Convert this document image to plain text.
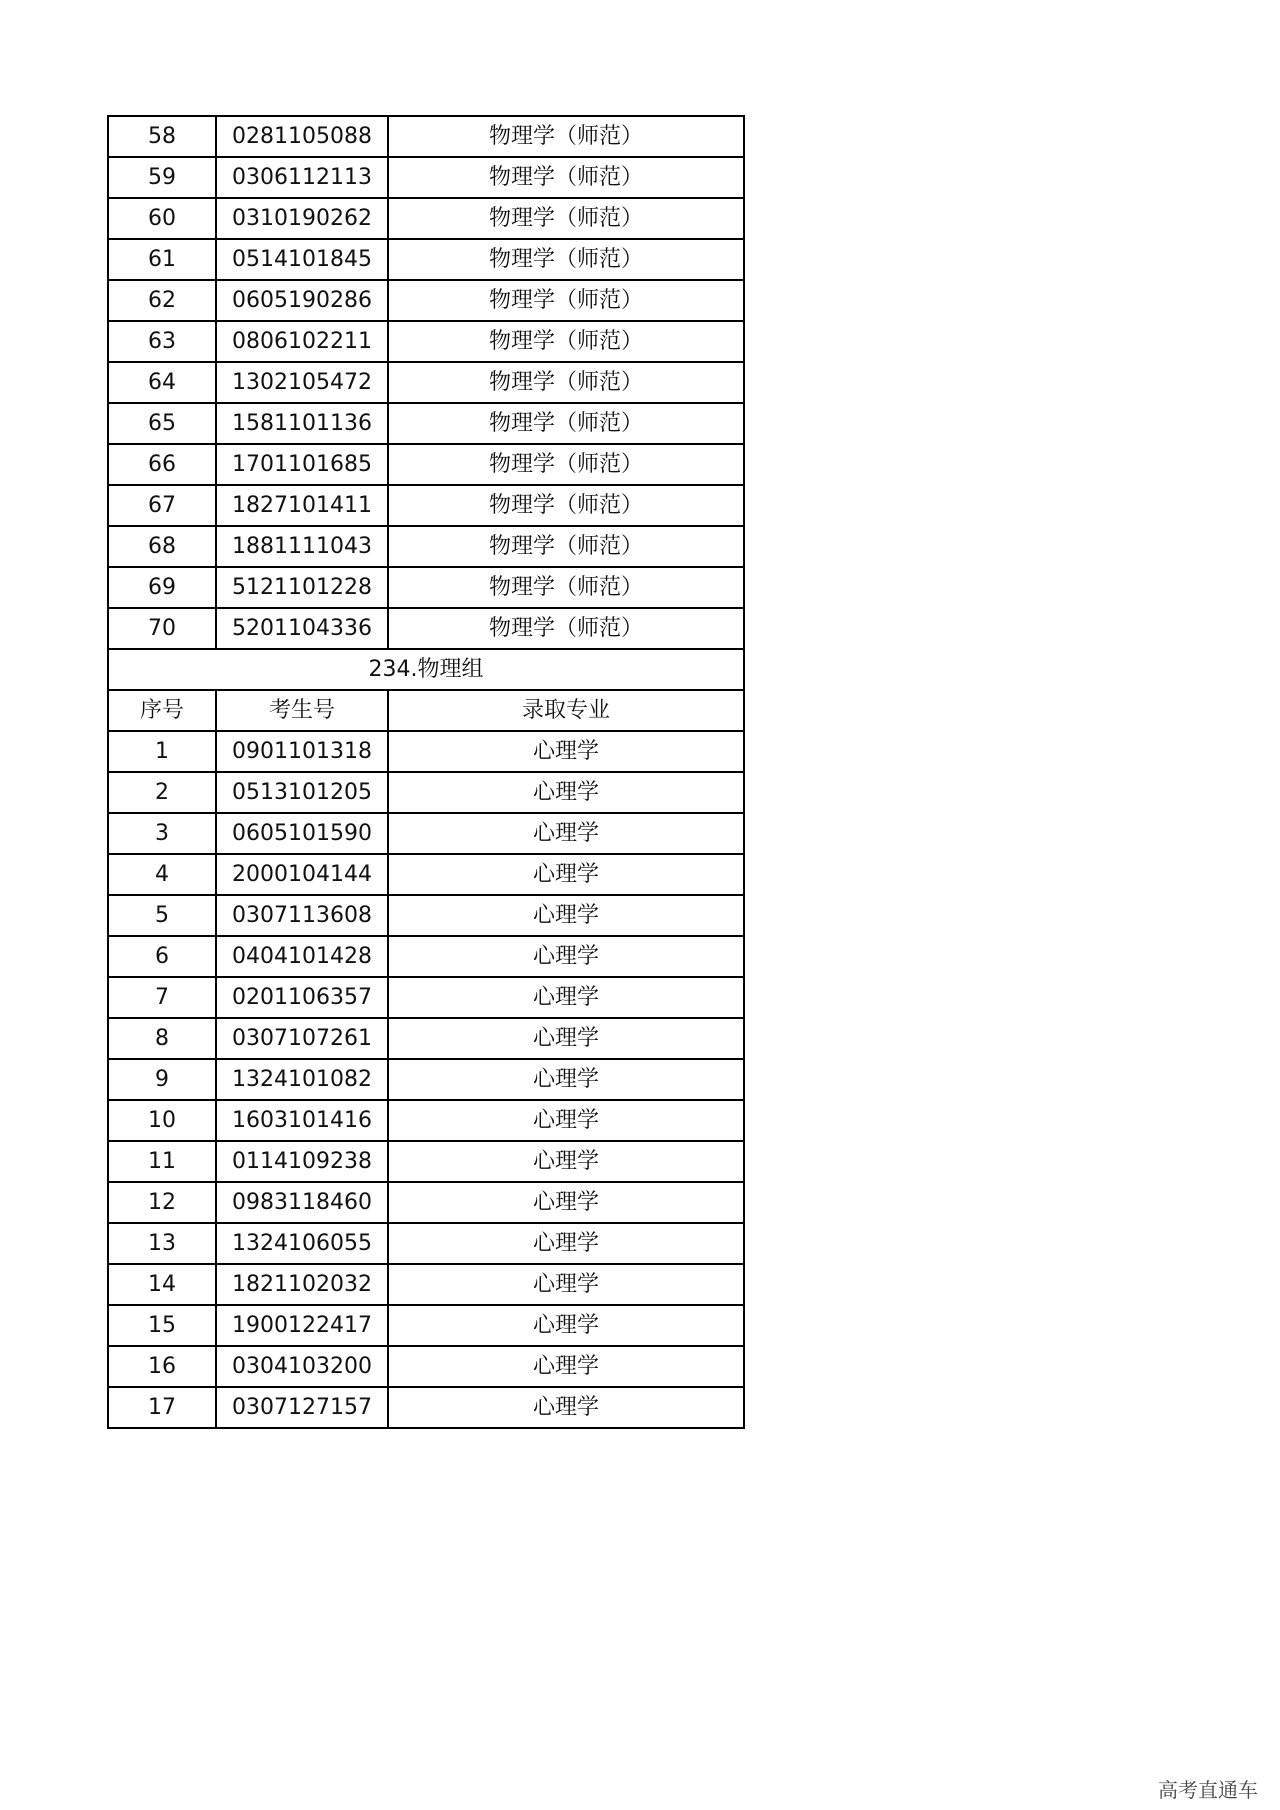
58	0281105088	物理学（师范）
59	0306112113	物理学（师范）
60	0310190262	物理学（师范）
61	0514101845	物理学（师范）
62	0605190286	物理学（师范）
63	0806102211	物理学（师范）
64	1302105472	物理学（师范）
65	1581101136	物理学（师范）
66	1701101685	物理学（师范）
67	1827101411	物理学（师范）
68	1881111043	物理学（师范）
69	5121101228	物理学（师范）
70	5201104336	物理学（师范）
234.物理组		
序号	考生号	录取专业
1	0901101318	心理学
2	0513101205	心理学
3	0605101590	心理学
4	2000104144	心理学
5	0307113608	心理学
6	0404101428	心理学
7	0201106357	心理学
8	0307107261	心理学
9	1324101082	心理学
10	1603101416	心理学
11	0114109238	心理学
12	0983118460	心理学
13	1324106055	心理学
14	1821102032	心理学
15	1900122417	心理学
16	0304103200	心理学
17	0307127157	心理学
高考直通车
